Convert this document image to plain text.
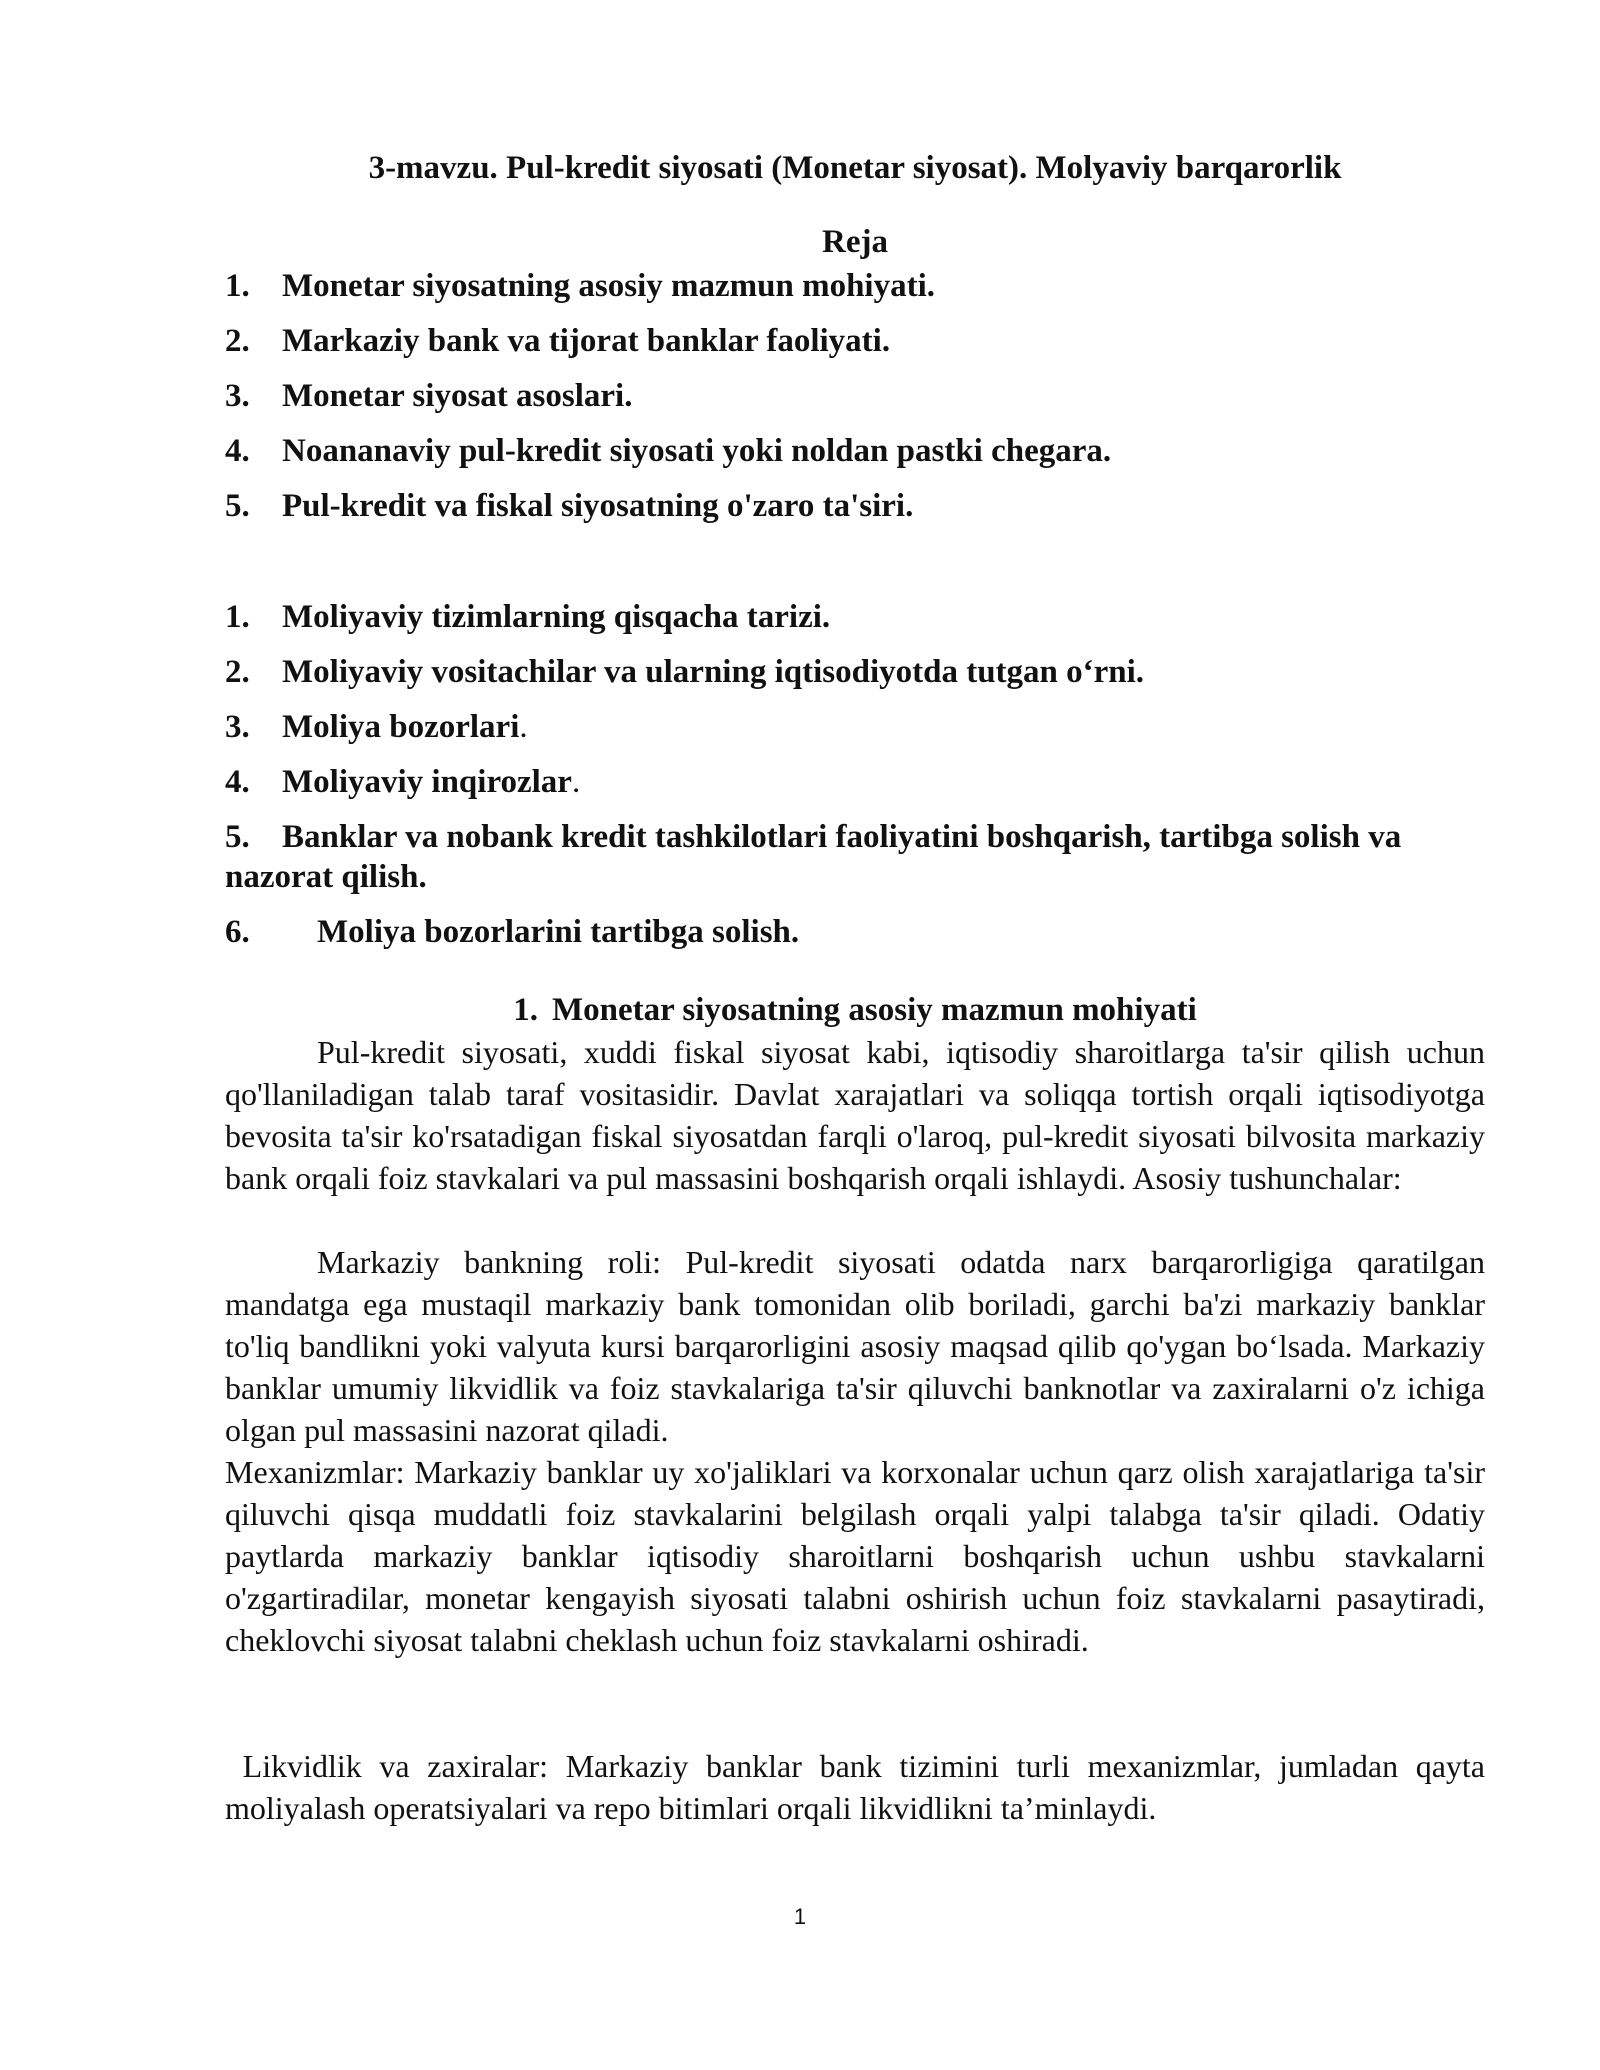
3-mavzu. Pul-kredit siyosati (Monetar siyosat). Molyaviy barqarorlik
Reja
1. Monetar siyosatning asosiy mazmun mohiyati.
2. Markaziy bank va tijorat banklar faoliyati.
3. Monetar siyosat asoslari.
4. Noananaviy pul-kredit siyosati yoki noldan pastki chegara.
5. Pul-kredit va fiskal siyosatning o'zaro ta'siri.
1. Moliyaviy tizimlarning qisqacha tarizi.
2. Moliyaviy vositachilar va ularning iqtisodiyotda tutgan o‘rni.
3. Moliya bozorlari.
4. Moliyaviy inqirozlar.
5. Banklar va nobank kredit tashkilotlari faoliyatini boshqarish, tartibga solish va nazorat qilish.
6. Moliya bozorlarini tartibga solish.
1. Monetar siyosatning asosiy mazmun mohiyati

Pul-kredit siyosati, xuddi fiskal siyosat kabi, iqtisodiy sharoitlarga ta'sir qilish uchun qo'llaniladigan talab taraf vositasidir. Davlat xarajatlari va soliqqa tortish orqali iqtisodiyotga bevosita ta'sir ko'rsatadigan fiskal siyosatdan farqli o'laroq, pul-kredit siyosati bilvosita markaziy bank orqali foiz stavkalari va pul massasini boshqarish orqali ishlaydi. Asosiy tushunchalar:

Markaziy bankning roli: Pul-kredit siyosati odatda narx barqarorligiga qaratilgan mandatga ega mustaqil markaziy bank tomonidan olib boriladi, garchi ba'zi markaziy banklar to'liq bandlikni yoki valyuta kursi barqarorligini asosiy maqsad qilib qo'ygan bo‘lsada. Markaziy banklar umumiy likvidlik va foiz stavkalariga ta'sir qiluvchi banknotlar va zaxiralarni o'z ichiga olgan pul massasini nazorat qiladi.

Mexanizmlar: Markaziy banklar uy xo'jaliklari va korxonalar uchun qarz olish xarajatlariga ta'sir qiluvchi qisqa muddatli foiz stavkalarini belgilash orqali yalpi talabga ta'sir qiladi. Odatiy paytlarda markaziy banklar iqtisodiy sharoitlarni boshqarish uchun ushbu stavkalarni o'zgartiradilar, monetar kengayish siyosati talabni oshirish uchun foiz stavkalarni pasaytiradi, cheklovchi siyosat talabni cheklash uchun foiz stavkalarni oshiradi.

Likvidlik va zaxiralar: Markaziy banklar bank tizimini turli mexanizmlar, jumladan qayta moliyalash operatsiyalari va repo bitimlari orqali likvidlikni ta’minlaydi.

1
